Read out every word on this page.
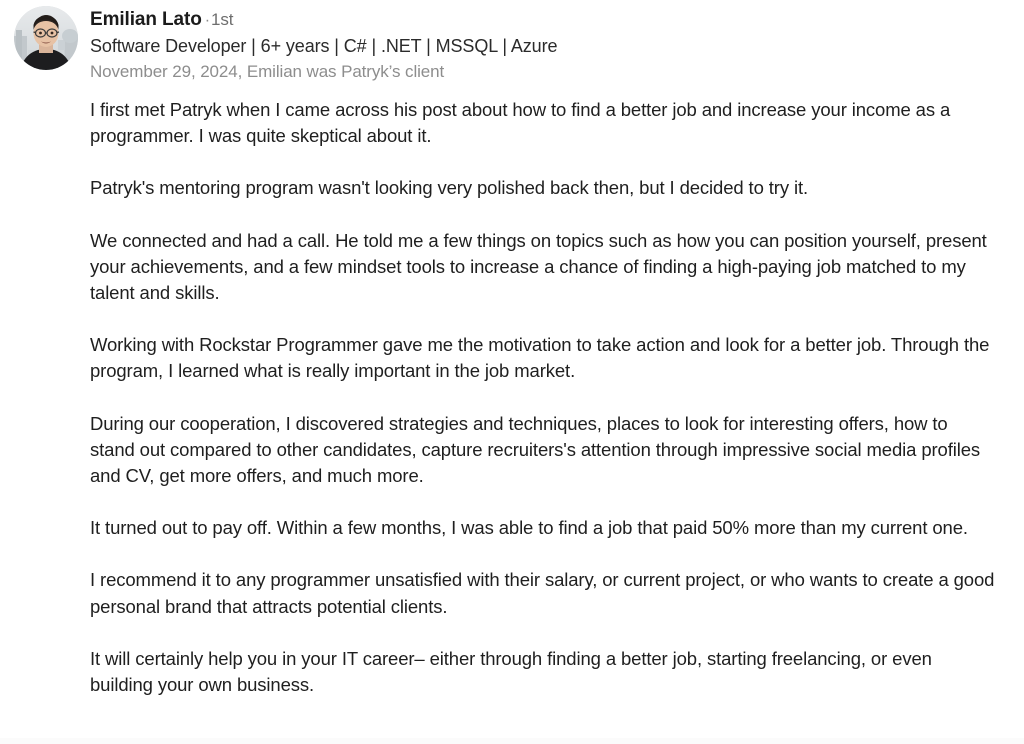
Emilian Lato ·1st
Software Developer | 6+ years | C# | .NET | MSSQL | Azure
November 29, 2024, Emilian was Patryk’s client

I first met Patryk when I came across his post about how to find a better job and increase your income as a programmer. I was quite skeptical about it.

Patryk's mentoring program wasn't looking very polished back then, but I decided to try it.

We connected and had a call. He told me a few things on topics such as how you can position yourself, present your achievements, and a few mindset tools to increase a chance of finding a high-paying job matched to my talent and skills.

Working with Rockstar Programmer gave me the motivation to take action and look for a better job. Through the program, I learned what is really important in the job market.

During our cooperation, I discovered strategies and techniques, places to look for interesting offers, how to stand out compared to other candidates, capture recruiters's attention through impressive social media profiles and CV, get more offers, and much more.

It turned out to pay off. Within a few months, I was able to find a job that paid 50% more than my current one.

I recommend it to any programmer unsatisfied with their salary, or current project, or who wants to create a good personal brand that attracts potential clients.

It will certainly help you in your IT career– either through finding a better job, starting freelancing, or even building your own business.
